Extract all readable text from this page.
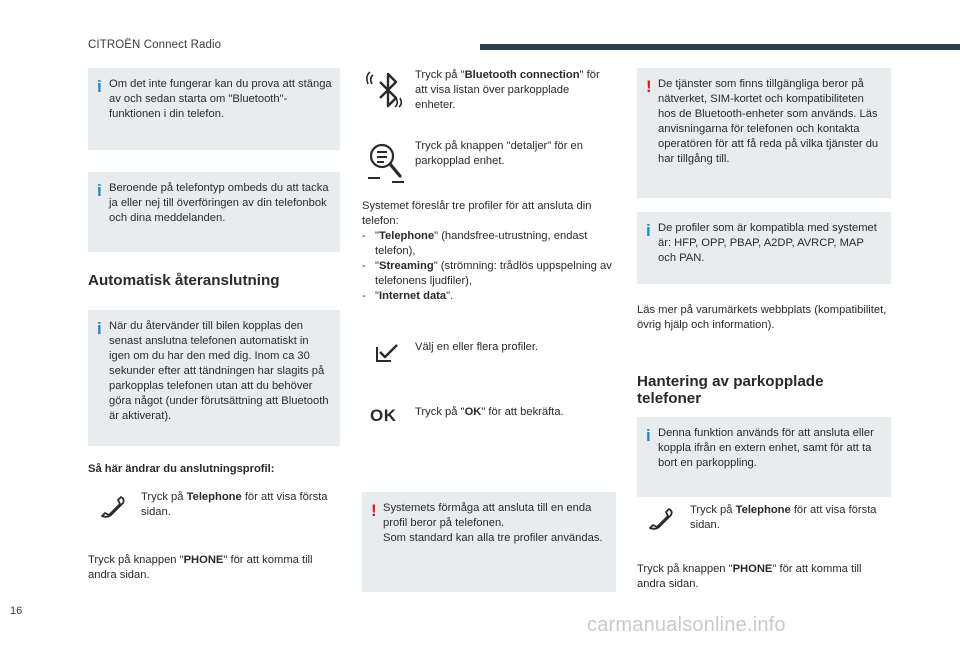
CITROËN Connect Radio
i Om det inte fungerar kan du prova att stänga av och sedan starta om "Bluetooth"-funktionen i din telefon.
i Beroende på telefontyp ombeds du att tacka ja eller nej till överföringen av din telefonbok och dina meddelanden.
Automatisk återanslutning
i När du återvänder till bilen kopplas den senast anslutna telefonen automatiskt in igen om du har den med dig. Inom ca 30 sekunder efter att tändningen har slagits på parkopplas telefonen utan att du behöver göra något (under förutsättning att Bluetooth är aktiverat).
Så här ändrar du anslutningsprofil:
Tryck på Telephone för att visa första sidan.
Tryck på knappen "PHONE" för att komma till andra sidan.
Tryck på "Bluetooth connection" för att visa listan över parkopplade enheter.
Tryck på knappen "detaljer" för en parkopplad enhet.
Systemet föreslår tre profiler för att ansluta din telefon:
- "Telephone" (handsfree-utrustning, endast telefon),
- "Streaming" (strömning: trådlös uppspelning av telefonens ljudfiler),
- "Internet data".
Välj en eller flera profiler.
OK Tryck på "OK" för att bekräfta.
! Systemets förmåga att ansluta till en enda profil beror på telefonen.
Som standard kan alla tre profiler användas.
! De tjänster som finns tillgängliga beror på nätverket, SIM-kortet och kompatibiliteten hos de Bluetooth-enheter som används. Läs anvisningarna för telefonen och kontakta operatören för att få reda på vilka tjänster du har tillgång till.
i De profiler som är kompatibla med systemet är: HFP, OPP, PBAP, A2DP, AVRCP, MAP och PAN.
Läs mer på varumärkets webbplats (kompatibilitet, övrig hjälp och information).
Hantering av parkopplade telefoner
i Denna funktion används för att ansluta eller koppla ifrån en extern enhet, samt för att ta bort en parkoppling.
Tryck på Telephone för att visa första sidan.
Tryck på knappen "PHONE" för att komma till andra sidan.
16
carmanualsonline.info
